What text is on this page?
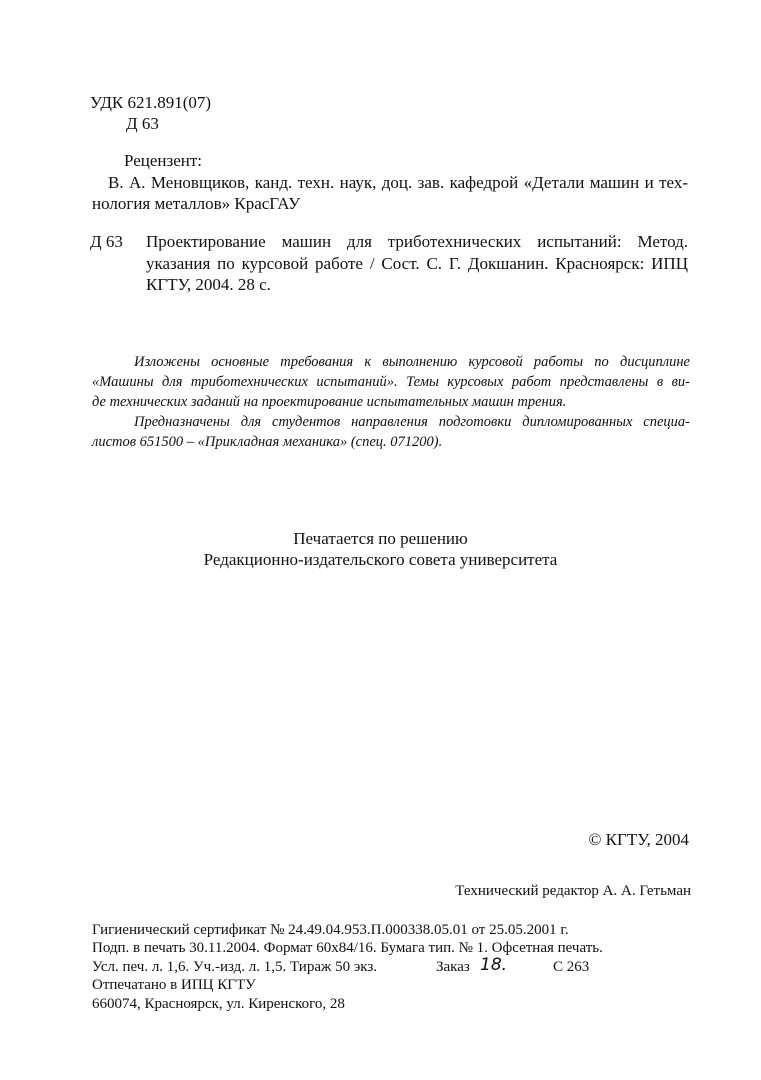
УДК 621.891(07)
Д 63
Рецензент:
В. А. Меновщиков, канд. техн. наук, доц. зав. кафедрой «Детали машин и тех-
нология металлов» КрасГАУ
Д 63 Проектирование машин для триботехнических испытаний: Метод.
указания по курсовой работе / Сост. С. Г. Докшанин. Красноярск: ИПЦ
КГТУ, 2004. 28 с.
Изложены основные требования к выполнению курсовой работы по дисциплине
«Машины для триботехнических испытаний». Темы курсовых работ представлены в ви-
де технических заданий на проектирование испытательных машин трения.
Предназначены для студентов направления подготовки дипломированных специа-
листов 651500 – «Прикладная механика» (спец. 071200).
Печатается по решению
Редакционно-издательского совета университета
© КГТУ, 2004
Технический редактор А. А. Гетьман
Гигиенический сертификат № 24.49.04.953.П.000338.05.01 от 25.05.2001 г.
Подп. в печать 30.11.2004. Формат 60х84/16. Бумага тип. № 1. Офсетная печать.
Усл. печ. л. 1,6. Уч.-изд. л. 1,5. Тираж 50 экз.	Заказ 18.	С 263
Отпечатано в ИПЦ КГТУ
660074, Красноярск, ул. Киренского, 28
